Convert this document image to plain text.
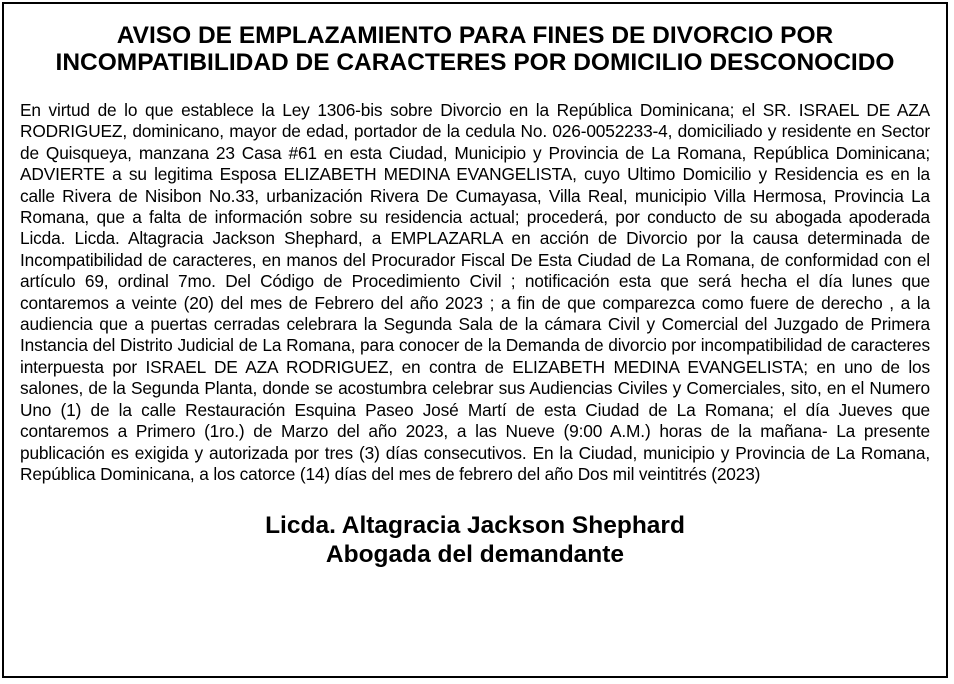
AVISO DE EMPLAZAMIENTO PARA FINES DE DIVORCIO POR INCOMPATIBILIDAD DE CARACTERES POR DOMICILIO DESCONOCIDO
En virtud de lo que establece la Ley 1306-bis sobre Divorcio en la República Dominicana; el SR. ISRAEL DE AZA RODRIGUEZ, dominicano, mayor de edad, portador de la cedula No. 026-0052233-4, domiciliado y residente en Sector de Quisqueya, manzana 23 Casa #61 en esta Ciudad, Municipio y Provincia de La Romana, República Dominicana; ADVIERTE a su legitima Esposa ELIZABETH MEDINA EVANGELISTA, cuyo Ultimo Domicilio y Residencia es en la calle Rivera de Nisibon No.33, urbanización Rivera De Cumayasa, Villa Real, municipio Villa Hermosa, Provincia La Romana, que a falta de información sobre su residencia actual; procederá, por conducto de su abogada apoderada Licda. Licda. Altagracia Jackson Shephard, a EMPLAZARLA en acción de Divorcio por la causa determinada de Incompatibilidad de caracteres, en manos del Procurador Fiscal De Esta Ciudad de La Romana, de conformidad con el artículo 69, ordinal 7mo. Del Código de Procedimiento Civil ; notificación esta que será hecha el día lunes que contaremos a veinte (20) del mes de Febrero del año 2023 ; a fin de que comparezca como fuere de derecho , a la audiencia que a puertas cerradas celebrara la Segunda Sala de la cámara Civil y Comercial del Juzgado de Primera Instancia del Distrito Judicial de La Romana, para conocer de la Demanda de divorcio por incompatibilidad de caracteres interpuesta por ISRAEL DE AZA RODRIGUEZ, en contra de ELIZABETH MEDINA EVANGELISTA; en uno de los salones, de la Segunda Planta, donde se acostumbra celebrar sus Audiencias Civiles y Comerciales, sito, en el Numero Uno (1) de la calle Restauración Esquina Paseo José Martí de esta Ciudad de La Romana; el día Jueves que contaremos a Primero (1ro.) de Marzo del año 2023, a las Nueve (9:00 A.M.) horas de la mañana- La presente publicación es exigida y autorizada por tres (3) días consecutivos. En la Ciudad, municipio y Provincia de La Romana, República Dominicana, a los catorce (14) días del mes de febrero del año Dos mil veintitrés (2023)
Licda. Altagracia Jackson Shephard
Abogada del demandante
